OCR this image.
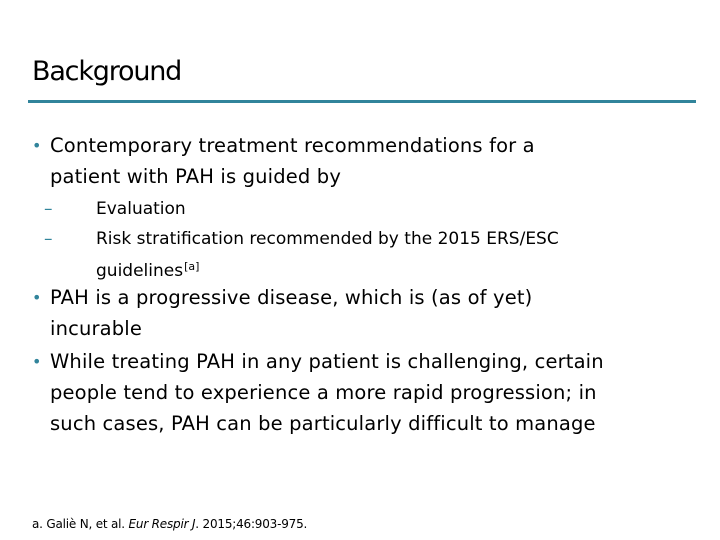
Background
• Contemporary treatment recommendations for a
patient with PAH is guided by
–	Evaluation
–	Risk stratification recommended by the 2015 ERS/ESC
guidelines[a]
• PAH is a progressive disease, which is (as of yet)
incurable
• While treating PAH in any patient is challenging, certain
people tend to experience a more rapid progression; in
such cases, PAH can be particularly difficult to manage
a. Galiè N, et al. Eur Respir J. 2015;46:903-975.
